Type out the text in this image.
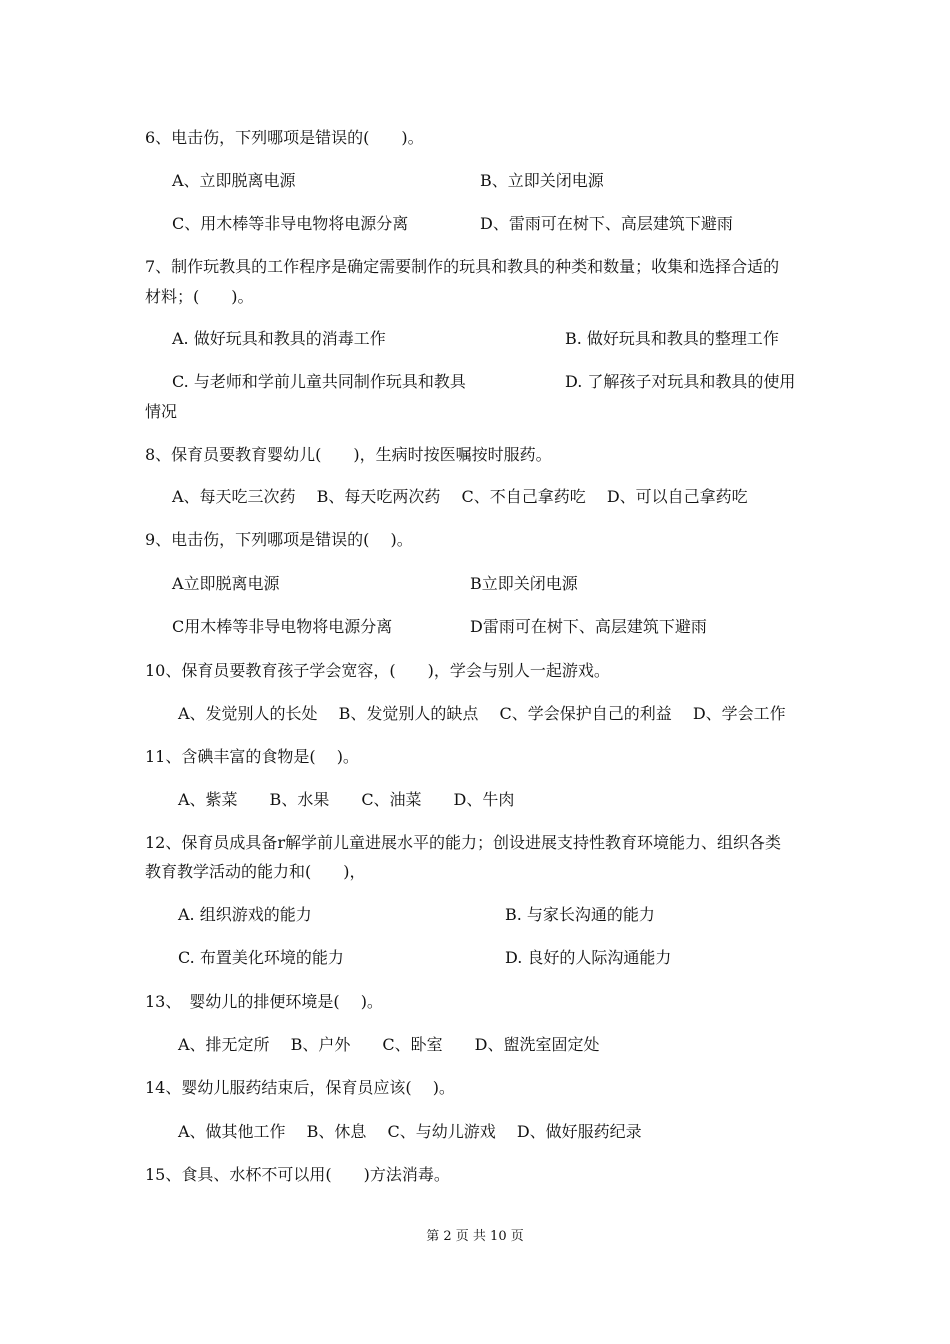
6、电击伤，下列哪项是错误的(　　)。
A、立即脱离电源	B、立即关闭电源
C、用木棒等非导电物将电源分离	D、雷雨可在树下、高层建筑下避雨
7、制作玩教具的工作程序是确定需要制作的玩具和教具的种类和数量；收集和选择合适的
材料；(　　)。
A. 做好玩具和教具的消毒工作	B. 做好玩具和教具的整理工作
C. 与老师和学前儿童共同制作玩具和教具	D. 了解孩子对玩具和教具的使用
情况
8、保育员要教育婴幼儿(　　)，生病时按医嘱按时服药。
A、每天吃三次药　 B、每天吃两次药　 C、不自己拿药吃　 D、可以自己拿药吃
9、电击伤，下列哪项是错误的(　 )。
A立即脱离电源	B立即关闭电源
C用木棒等非导电物将电源分离	D雷雨可在树下、高层建筑下避雨
10、保育员要教育孩子学会宽容，(　　)，学会与别人一起游戏。
A、发觉别人的长处　 B、发觉别人的缺点　 C、学会保护自己的利益　 D、学会工作
11、含碘丰富的食物是(　 )。
A、紫菜　　B、水果　　C、油菜　　D、牛肉
12、保育员成具备r解学前儿童进展水平的能力；创设进展支持性教育环境能力、组织各类
教育教学活动的能力和(　　)，
A. 组织游戏的能力	B. 与家长沟通的能力
C. 布置美化环境的能力	D. 良好的人际沟通能力
13、　婴幼儿的排便环境是(　 )。
A、排无定所　 B、户外　　C、卧室　　D、盥洗室固定处
14、婴幼儿服药结束后，保育员应该(　 )。
A、做其他工作　 B、休息　 C、与幼儿游戏　 D、做好服药纪录
15、食具、水杯不可以用(　　)方法消毒。
第 2 页 共 10 页
